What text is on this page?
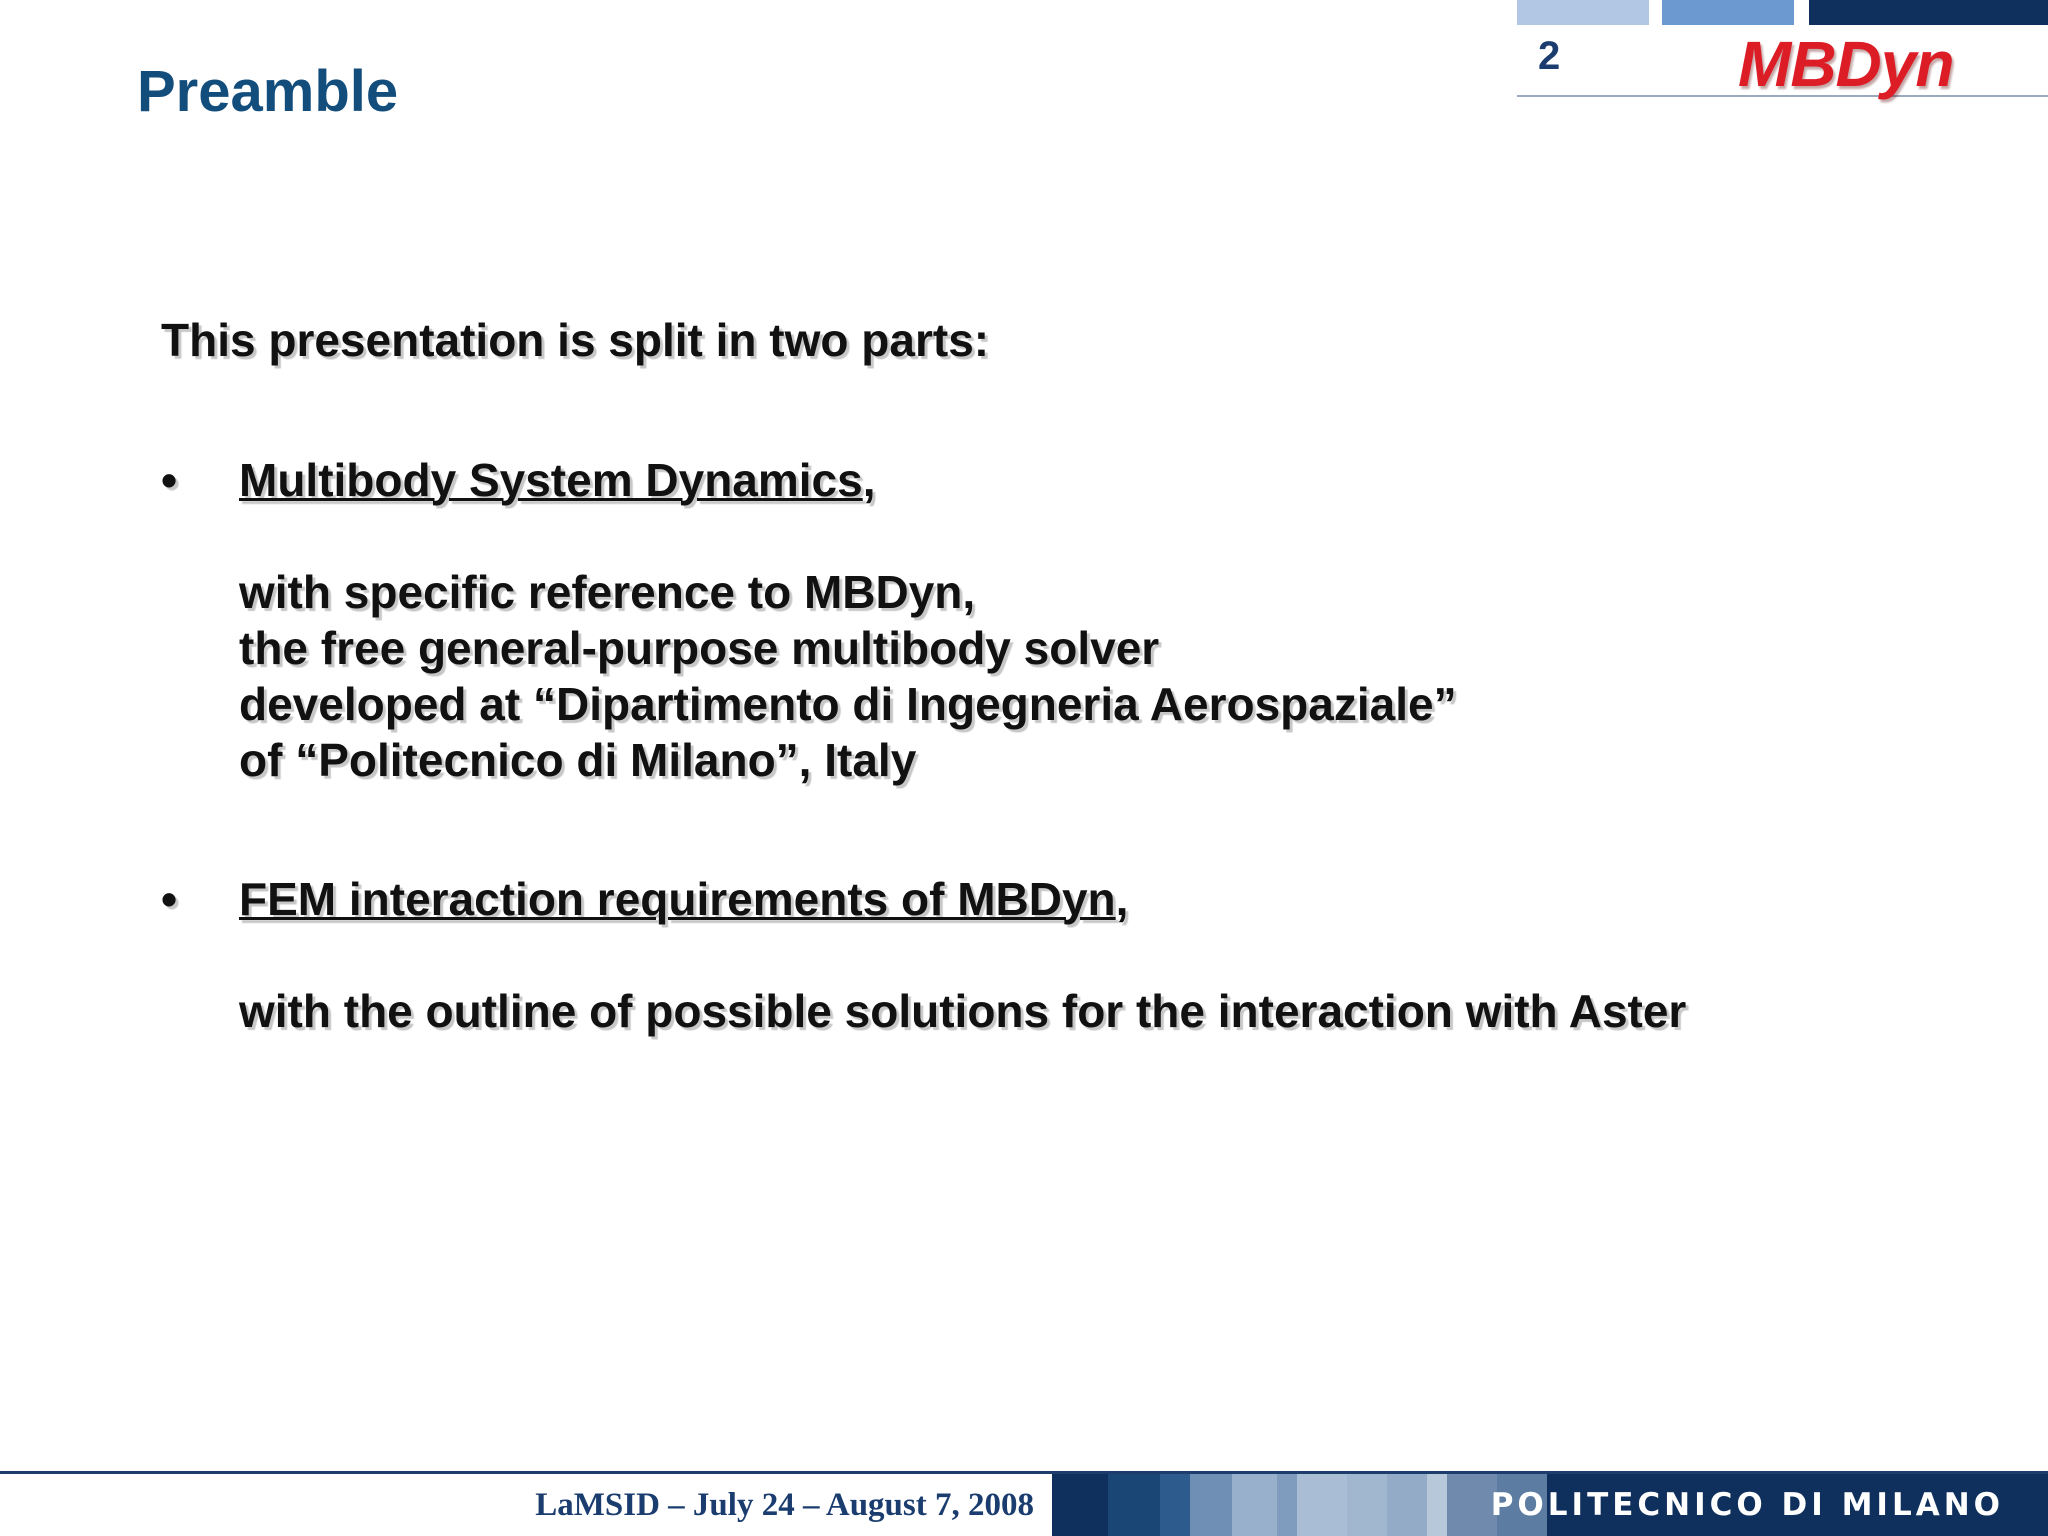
2	MBDyn
Preamble

This presentation is split in two parts:

• Multibody System Dynamics,
with specific reference to MBDyn,
the free general-purpose multibody solver
developed at “Dipartimento di Ingegneria Aerospaziale”
of “Politecnico di Milano”, Italy
• FEM interaction requirements of MBDyn,
with the outline of possible solutions for the interaction with Aster
LaMSID – July 24 – August 7, 2008	POLITECNICO DI MILANO
